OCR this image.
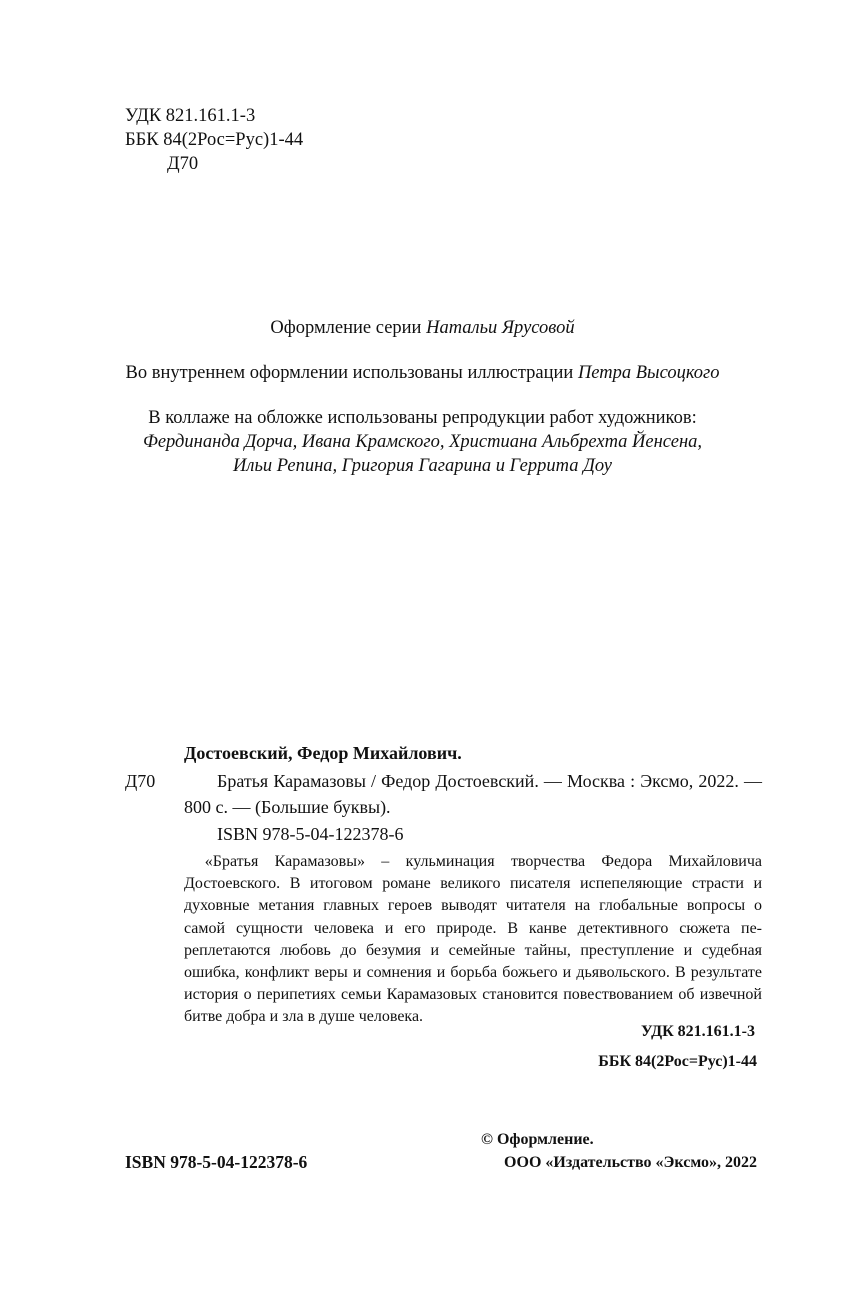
УДК 821.161.1-3
ББК 84(2Рос=Рус)1-44
Д70
Оформление серии Натальи Ярусовой
Во внутреннем оформлении использованы иллюстрации Петра Высоцкого
В коллаже на обложке использованы репродукции работ художников:
Фердинанда Дорча, Ивана Крамского, Христиана Альбрехта Йенсена,
Ильи Репина, Григория Гагарина и Геррита Доу
Достоевский, Федор Михайлович.
Д70	Братья Карамазовы / Федор Достоевский. — Москва : Эксмо, 2022. — 800 с. — (Большие буквы).
ISBN 978-5-04-122378-6
«Братья Карамазовы» – кульминация творчества Федора Михайловича Достоевского. В итоговом романе великого писателя испепеляющие страсти и духовные метания главных героев выводят читателя на глобальные вопросы о самой сущности человека и его природе. В канве детективного сюжета переплетаются любовь до безумия и семейные тайны, преступление и судебная ошибка, конфликт веры и сомнения и борьба божьего и дьявольского. В результате история о перипетиях семьи Карамазовых становится повествованием об извечной битве добра и зла в душе человека.
УДК 821.161.1-3
ББК 84(2Рос=Рус)1-44
ISBN 978-5-04-122378-6
© Оформление.
ООО «Издательство «Эксмо», 2022
